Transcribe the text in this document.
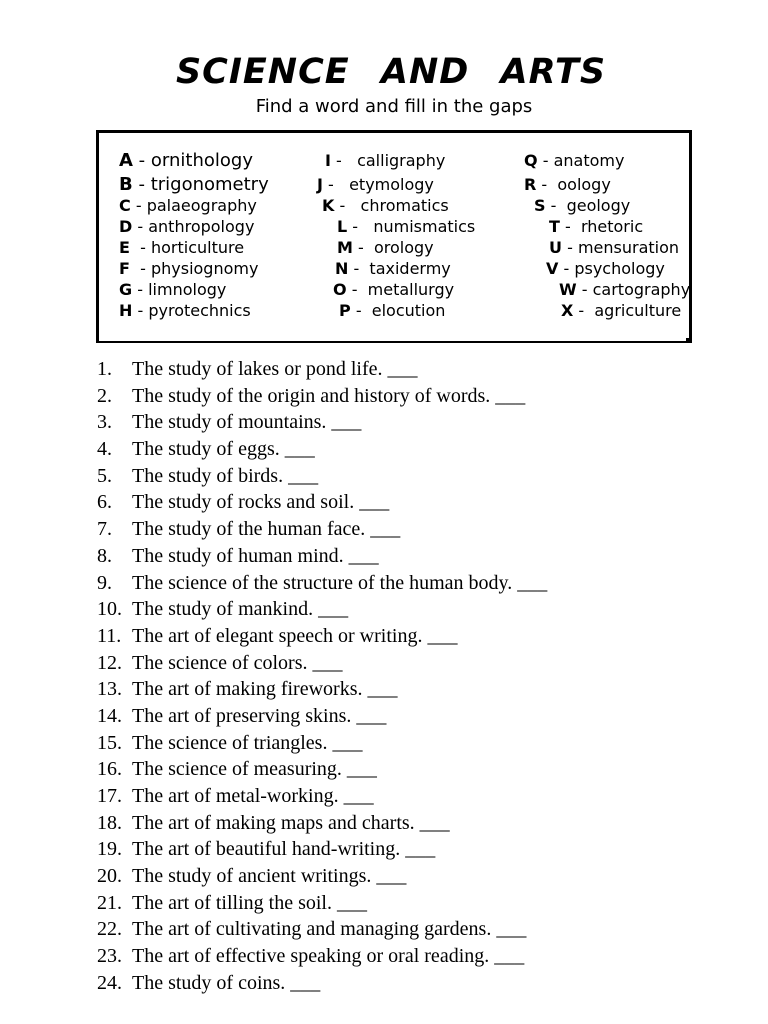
SCIENCE AND ARTS
Find a word and fill in the gaps
A - ornithology
B - trigonometry
C - palaeography
D - anthropology
E  - horticulture
F  - physiognomy
G - limnology
H - pyrotechnics
I -   calligraphy
J -   etymology
K -   chromatics
L -   numismatics
M -  orology
N -  taxidermy
O -  metallurgy
P -  elocution
Q - anatomy
R -  oology
S -  geology
T -  rhetoric
U - mensuration
V - psychology
W - cartography
X -  agriculture
1.	The study of lakes or pond life. ___
2.	The study of the origin and history of words. ___
3.	The study of mountains. ___
4.	The study of eggs. ___
5.	The study of birds. ___
6.	The study of rocks and soil. ___
7.	The study of the human face. ___
8.	The study of human mind. ___
9.	The science of the structure of the human body. ___
10. The study of mankind. ___
11. The art of elegant speech or writing. ___
12. The science of colors. ___
13. The art of making fireworks. ___
14. The art of preserving skins. ___
15. The science of triangles. ___
16. The science of measuring. ___
17. The art of metal-working. ___
18. The art of making maps and charts. ___
19. The art of beautiful hand-writing. ___
20. The study of ancient writings. ___
21. The art of tilling the soil. ___
22. The art of cultivating and managing gardens. ___
23. The art of effective speaking or oral reading. ___
24. The study of coins. ___
